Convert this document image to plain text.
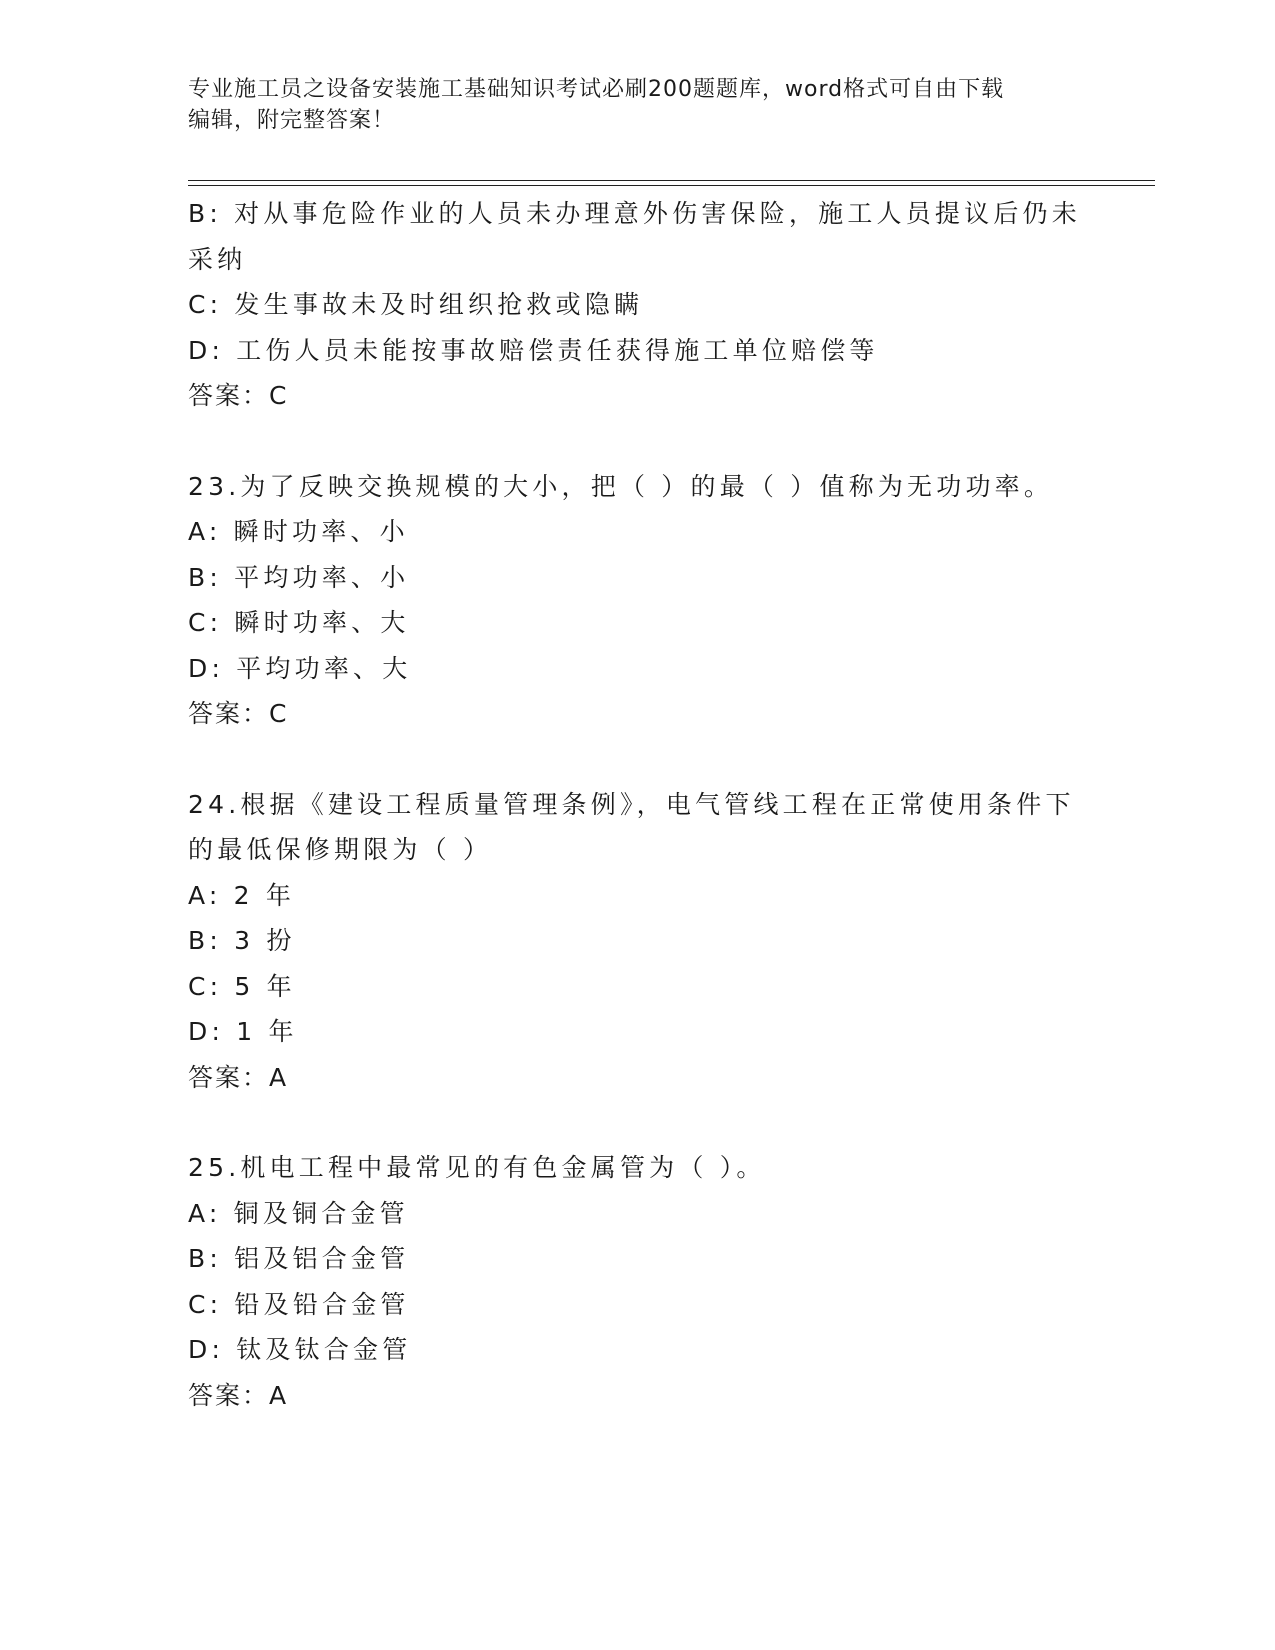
专业施工员之设备安装施工基础知识考试必刷200题题库，word格式可自由下载
编辑，附完整答案！
B: 对从事危险作业的人员未办理意外伤害保险，施工人员提议后仍未
采纳
C: 发生事故未及时组织抢救或隐瞒
D: 工伤人员未能按事故赔偿责任获得施工单位赔偿等
答案：C
23.为了反映交换规模的大小，把（ ）的最（ ）值称为无功功率。
A: 瞬时功率、小
B: 平均功率、小
C: 瞬时功率、大
D: 平均功率、大
答案：C
24.根据《建设工程质量管理条例》，电气管线工程在正常使用条件下
的最低保修期限为（ ）
A: 2 年
B: 3 扮
C: 5 年
D: 1 年
答案：A
25.机电工程中最常见的有色金属管为（ ）。
A: 铜及铜合金管
B: 铝及铝合金管
C: 铅及铅合金管
D: 钛及钛合金管
答案：A
